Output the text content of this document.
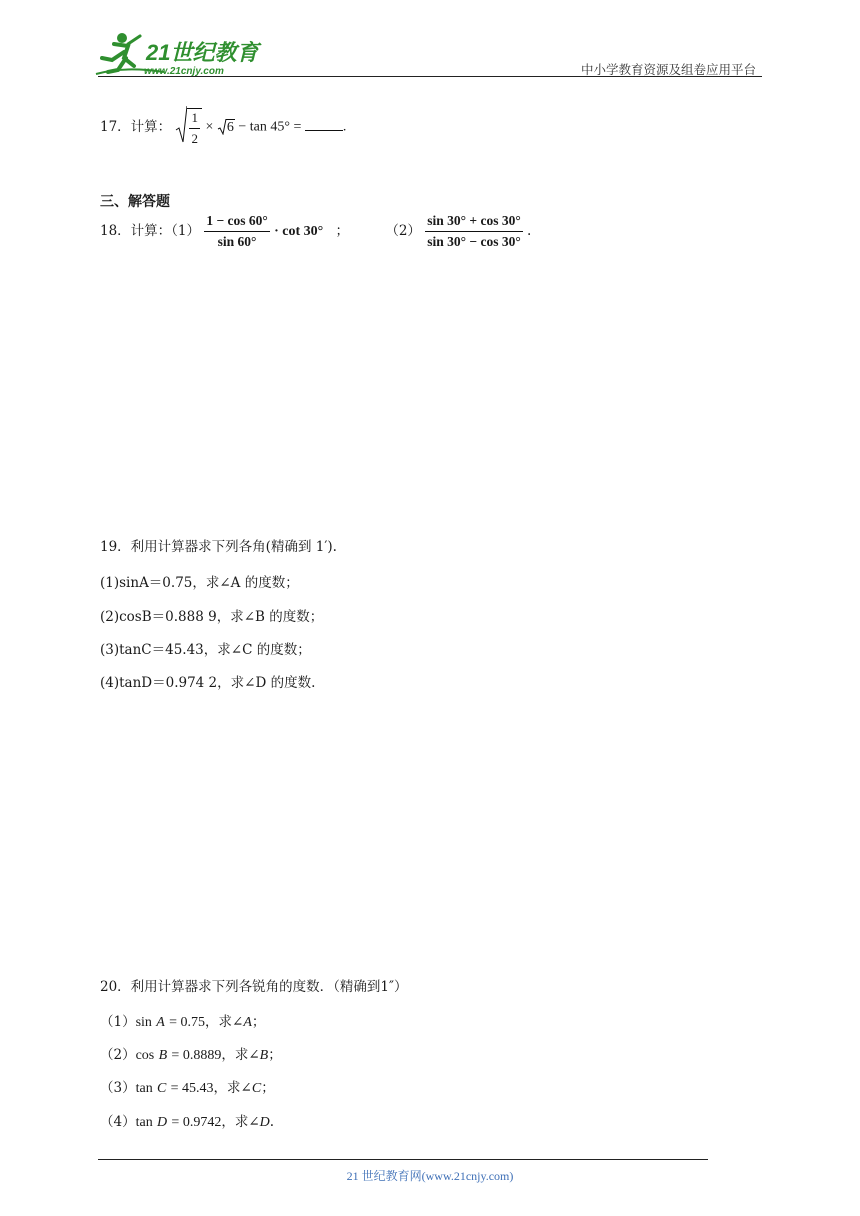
21世纪教育
www.21cnjy.com	中小学教育资源及组卷应用平台
17．计算： $\frac{1}{2} \times 6 - \tan 45^\circ$ =	.
三、解答题
18．计算：$(1) \frac{1 - \cos 60^\circ}{\sin 60^\circ} \cdot \cot 30^\circ$ ；	$(2) \frac{\sin 30^\circ + \cos 30^\circ}{\sin 30^\circ - \cos 30^\circ}$ .
19．利用计算器求下列各角(精确到 1′).
(1)sinA＝0.75，求∠A 的度数；
(2)cosB＝0.888 9，求∠B 的度数；
(3)tanC＝45.43，求∠C 的度数；
(4)tanD＝0.974 2，求∠D 的度数.
20．利用计算器求下列各锐角的度数．（精确到1″）
（1）sin A = 0.75，求∠A；
（2）cos B = 0.8889，求∠B；
（3）tan C = 45.43，求∠C；
（4）tan D = 0.9742，求∠D.
21 世纪教育网(www.21cnjy.com)
